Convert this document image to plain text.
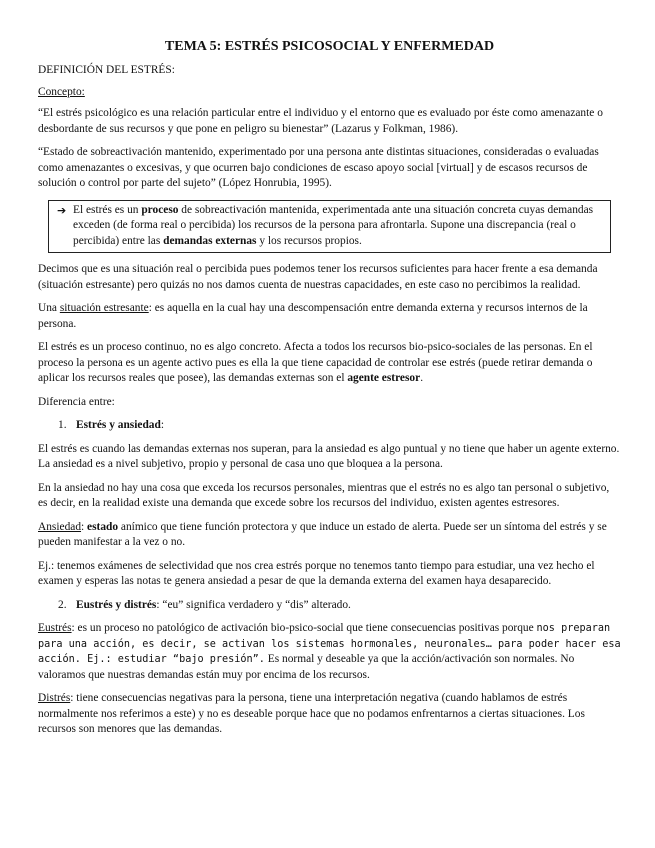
TEMA 5: ESTRÉS PSICOSOCIAL Y ENFERMEDAD

DEFINICIÓN DEL ESTRÉS:

Concepto:

“El estrés psicológico es una relación particular entre el individuo y el entorno que es evaluado por éste como amenazante o desbordante de sus recursos y que pone en peligro su bienestar” (Lazarus y Folkman, 1986).

“Estado de sobreactivación mantenido, experimentado por una persona ante distintas situaciones, consideradas o evaluadas como amenazantes o excesivas, y que ocurren bajo condiciones de escaso apoyo social [virtual] y de escasos recursos de solución o control por parte del sujeto” (López Honrubia, 1995).

➔ El estrés es un proceso de sobreactivación mantenida, experimentada ante una situación concreta cuyas demandas exceden (de forma real o percibida) los recursos de la persona para afrontarla. Supone una discrepancia (real o percibida) entre las demandas externas y los recursos propios.

Decimos que es una situación real o percibida pues podemos tener los recursos suficientes para hacer frente a esa demanda (situación estresante) pero quizás no nos damos cuenta de nuestras capacidades, en este caso no percibimos la realidad.

Una situación estresante: es aquella en la cual hay una descompensación entre demanda externa y recursos internos de la persona.

El estrés es un proceso continuo, no es algo concreto. Afecta a todos los recursos bio-psico-sociales de las personas. En el proceso la persona es un agente activo pues es ella la que tiene capacidad de controlar ese estrés (puede retirar demanda o aplicar los recursos reales que posee), las demandas externas son el agente estresor.

Diferencia entre:

1. Estrés y ansiedad:

El estrés es cuando las demandas externas nos superan, para la ansiedad es algo puntual y no tiene que haber un agente externo. La ansiedad es a nivel subjetivo, propio y personal de casa uno que bloquea a la persona.

En la ansiedad no hay una cosa que exceda los recursos personales, mientras que el estrés no es algo tan personal o subjetivo, es decir, en la realidad existe una demanda que excede sobre los recursos del individuo, existen agentes estresores.

Ansiedad: estado anímico que tiene función protectora y que induce un estado de alerta. Puede ser un síntoma del estrés y se pueden manifestar a la vez o no.

Ej.: tenemos exámenes de selectividad que nos crea estrés porque no tenemos tanto tiempo para estudiar, una vez hecho el examen y esperas las notas te genera ansiedad a pesar de que la demanda externa del examen haya desaparecido.

2. Eustrés y distrés: “eu” significa verdadero y “dis” alterado.

Eustrés: es un proceso no patológico de activación bio-psico-social que tiene consecuencias positivas porque nos preparan para una acción, es decir, se activan los sistemas hormonales, neuronales… para poder hacer esa acción. Ej.: estudiar “bajo presión”. Es normal y deseable ya que la acción/activación son normales. No valoramos que nuestras demandas están muy por encima de los recursos.

Distrés: tiene consecuencias negativas para la persona, tiene una interpretación negativa (cuando hablamos de estrés normalmente nos referimos a este) y no es deseable porque hace que no podamos enfrentarnos a ciertas situaciones. Los recursos son menores que las demandas.
